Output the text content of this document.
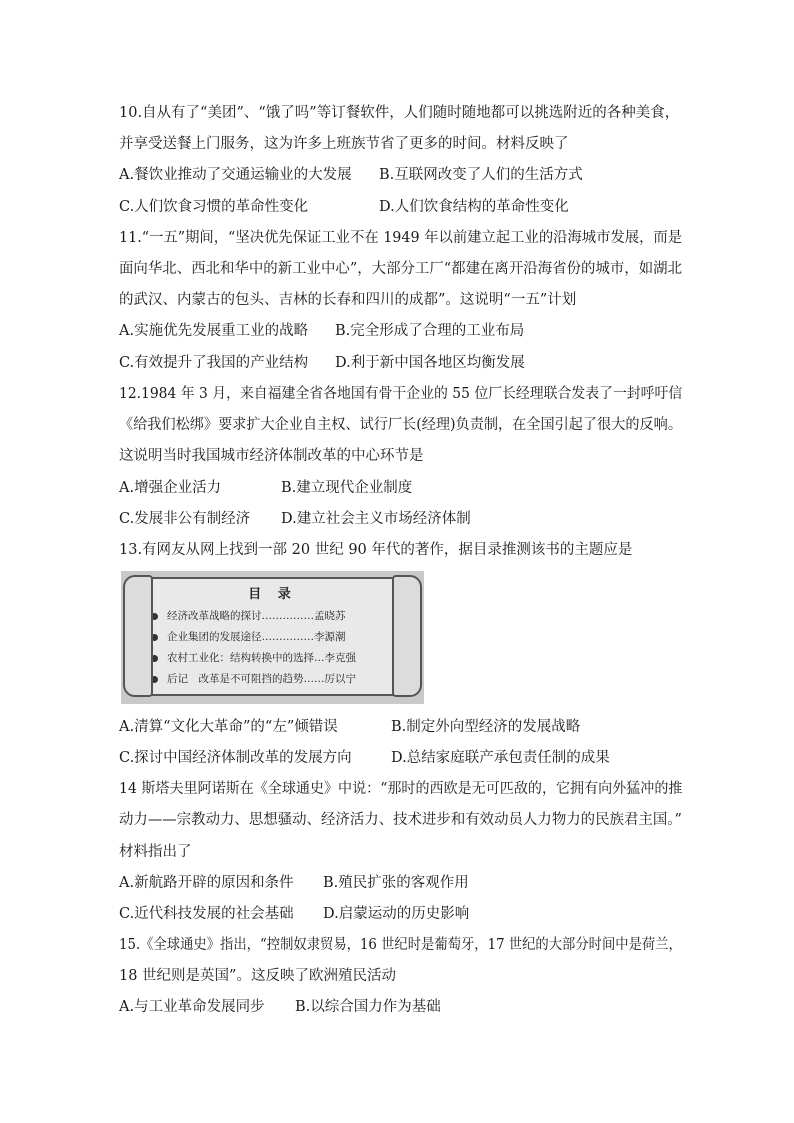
10.自从有了“美团”、“饿了吗”等订餐软件，人们随时随地都可以挑选附近的各种美食，
并享受送餐上门服务，这为许多上班族节省了更多的时间。材料反映了
A.餐饮业推动了交通运输业的大发展 B.互联网改变了人们的生活方式
C.人们饮食习惯的革命性变化	D.人们饮食结构的革命性变化
11.“一五”期间，“坚决优先保证工业不在 1949 年以前建立起工业的沿海城市发展，而是
面向华北、西北和华中的新工业中心”，大部分工厂“都建在离开沿海省份的城市，如湖北
的武汉、内蒙古的包头、吉林的长春和四川的成都”。这说明“一五”计划
A.实施优先发展重工业的战略 B.完全形成了合理的工业布局
C.有效提升了我国的产业结构 D.利于新中国各地区均衡发展
12.1984 年 3 月，来自福建全省各地国有骨干企业的 55 位厂长经理联合发表了一封呼吁信
《给我们松绑》要求扩大企业自主权、试行厂长(经理)负责制，在全国引起了很大的反响。
这说明当时我国城市经济体制改革的中心环节是
A.增强企业活力	B.建立现代企业制度
C.发展非公有制经济 D.建立社会主义市场经济体制
13.有网友从网上找到一部 20 世纪 90 年代的著作，据目录推测该书的主题应是
目 录
经济改革战略的探讨……………孟晓苏
企业集团的发展途径……………李源潮
农村工业化：结构转换中的选择…李克强
后记　改革是不可阻挡的趋势……厉以宁
A.清算“文化大革命”的“左”倾错误	B.制定外向型经济的发展战略
C.探讨中国经济体制改革的发展方向	D.总结家庭联产承包责任制的成果
14 斯塔夫里阿诺斯在《全球通史》中说：“那时的西欧是无可匹敌的，它拥有向外猛冲的推
动力——宗教动力、思想骚动、经济活力、技术进步和有效动员人力物力的民族君主国。”
材料指出了
A.新航路开辟的原因和条件 B.殖民扩张的客观作用
C.近代科技发展的社会基础 D.启蒙运动的历史影响
15.《全球通史》指出，“控制奴隶贸易，16 世纪时是葡萄牙，17 世纪的大部分时间中是荷兰，
18 世纪则是英国”。这反映了欧洲殖民活动
A.与工业革命发展同步 B.以综合国力作为基础
